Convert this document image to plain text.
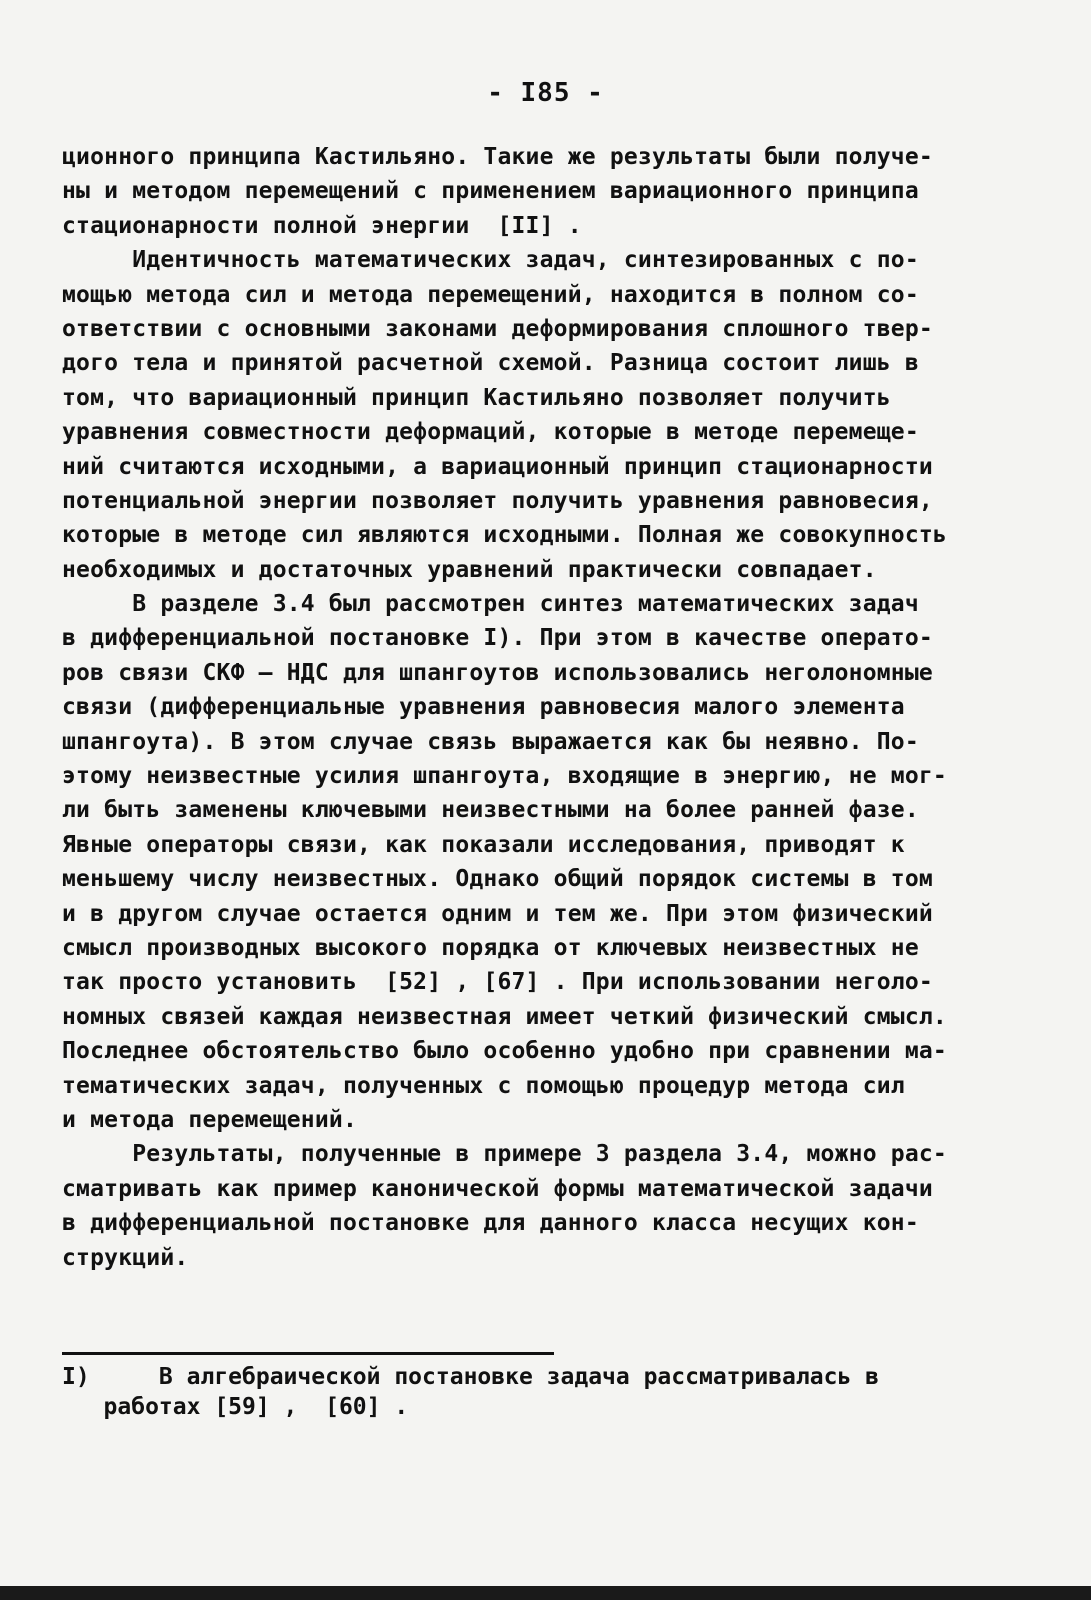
- I85 -
ционного принципа Кастильяно. Такие же результаты были получе-
ны и методом перемещений с применением вариационного принципа
стационарности полной энергии  [II] .
Идентичность математических задач, синтезированных с по-
мощью метода сил и метода перемещений, находится в полном со-
ответствии с основными законами деформирования сплошного твер-
дого тела и принятой расчетной схемой. Разница состоит лишь в
том, что вариационный принцип Кастильяно позволяет получить
уравнения совместности деформаций, которые в методе перемеще-
ний считаются исходными, а вариационный принцип стационарности
потенциальной энергии позволяет получить уравнения равновесия,
которые в методе сил являются исходными. Полная же совокупность
необходимых и достаточных уравнений практически совпадает.
В разделе 3.4 был рассмотрен синтез математических задач
в дифференциальной постановке I). При этом в качестве операто-
ров связи СКФ — НДС для шпангоутов использовались неголономные
связи (дифференциальные уравнения равновесия малого элемента
шпангоута). В этом случае связь выражается как бы неявно. По-
этому неизвестные усилия шпангоута, входящие в энергию, не мог-
ли быть заменены ключевыми неизвестными на более ранней фазе.
Явные операторы связи, как показали исследования, приводят к
меньшему числу неизвестных. Однако общий порядок системы в том
и в другом случае остается одним и тем же. При этом физический
смысл производных высокого порядка от ключевых неизвестных не
так просто установить  [52] , [67] . При использовании неголо-
номных связей каждая неизвестная имеет четкий физический смысл.
Последнее обстоятельство было особенно удобно при сравнении ма-
тематических задач, полученных с помощью процедур метода сил
и метода перемещений.
Результаты, полученные в примере 3 раздела 3.4, можно рас-
сматривать как пример канонической формы математической задачи
в дифференциальной постановке для данного класса несущих кон-
струкций.
I)     В алгебраической постановке задача рассматривалась в
работах [59] ,  [60] .
